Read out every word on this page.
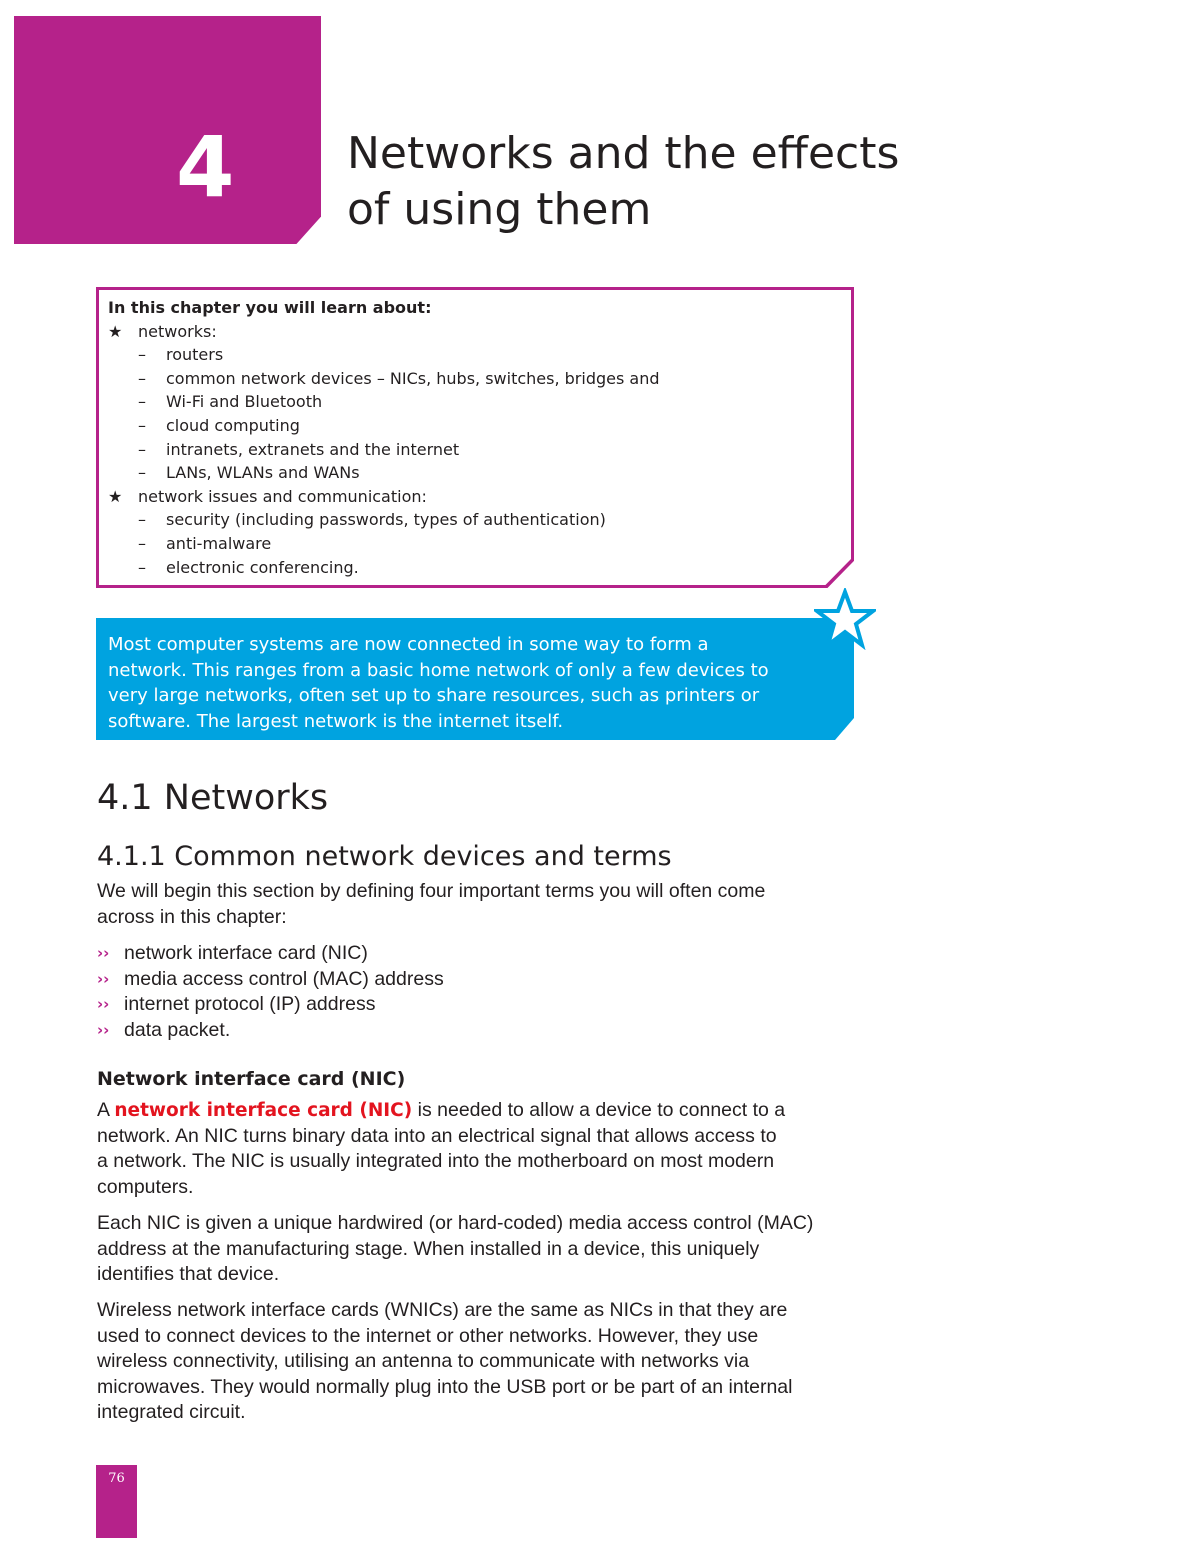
4	Networks and the effects
of using them
In this chapter you will learn about:
★ networks:
– routers
– common network devices – NICs, hubs, switches, bridges and
– Wi-Fi and Bluetooth
– cloud computing
– intranets, extranets and the internet
– LANs, WLANs and WANs
★ network issues and communication:
– security (including passwords, types of authentication)
– anti-malware
– electronic conferencing.
Most computer systems are now connected in some way to form a
network. This ranges from a basic home network of only a few devices to
very large networks, often set up to share resources, such as printers or
software. The largest network is the internet itself.
4.1 Networks
4.1.1 Common network devices and terms
We will begin this section by defining four important terms you will often come
across in this chapter:
›› network interface card (NIC)
›› media access control (MAC) address
›› internet protocol (IP) address
›› data packet.
Network interface card (NIC)
A network interface card (NIC) is needed to allow a device to connect to a
network. An NIC turns binary data into an electrical signal that allows access to
a network. The NIC is usually integrated into the motherboard on most modern
computers.
Each NIC is given a unique hardwired (or hard-coded) media access control (MAC)
address at the manufacturing stage. When installed in a device, this uniquely
identifies that device.
Wireless network interface cards (WNICs) are the same as NICs in that they are
used to connect devices to the internet or other networks. However, they use
wireless connectivity, utilising an antenna to communicate with networks via
microwaves. They would normally plug into the USB port or be part of an internal
integrated circuit.
76
